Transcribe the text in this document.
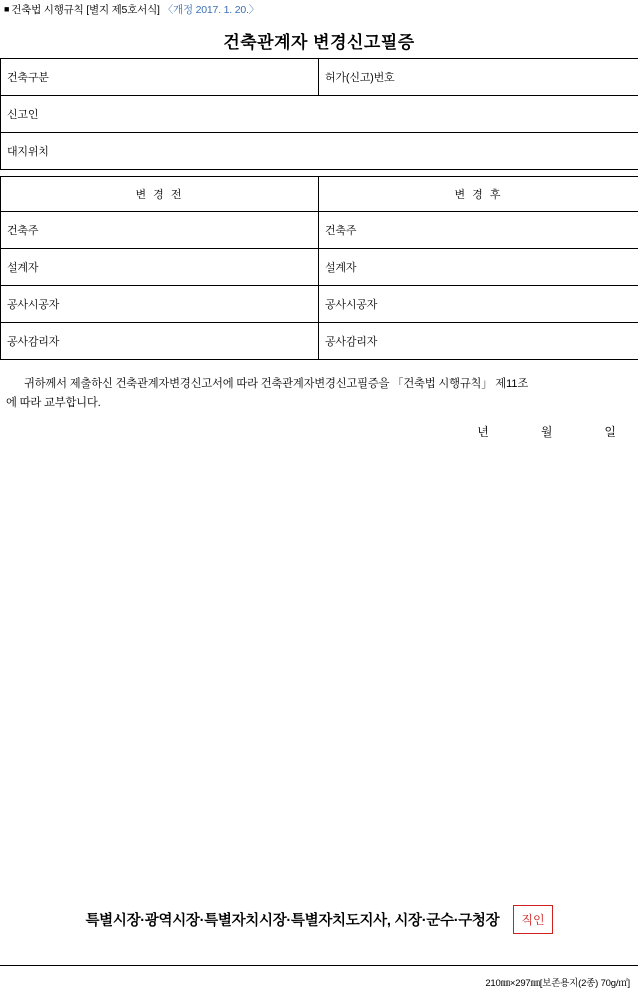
■ 건축법 시행규칙 [별지 제5호서식] 〈개정 2017. 1. 20.〉
건축관계자 변경신고필증
건축구분	허가(신고)번호
신고인
대지위치
변 경 전	변 경 후
건축주	건축주
설계자	설계자
공사시공자	공사시공자
공사감리자	공사감리자
귀하께서 제출하신 건축관계자변경신고서에 따라 건축관계자변경신고필증을 「건축법 시행규칙」 제11조
에 따라 교부합니다.
년	월	일
특별시장·광역시장·특별자치시장·특별자치도지사, 시장·군수·구청장 직인
210㎜×297㎜[보존용지(2종) 70g/㎡]
